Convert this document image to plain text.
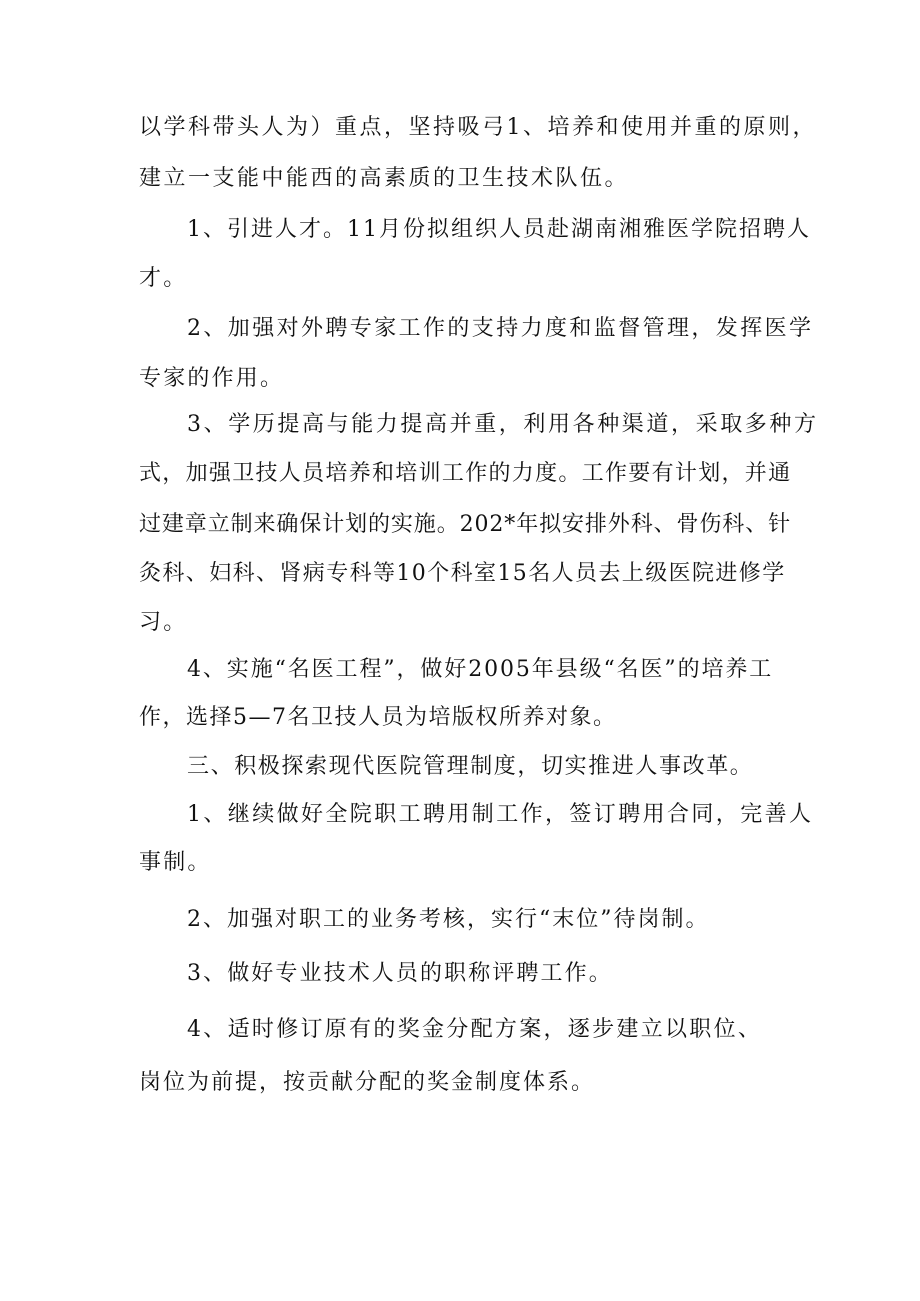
以学科带头人为）重点，坚持吸弓1、培养和使用并重的原则，
建立一支能中能西的高素质的卫生技术队伍。
1、引进人才。11月份拟组织人员赴湖南湘雅医学院招聘人
才。
2、加强对外聘专家工作的支持力度和监督管理，发挥医学
专家的作用。
3、学历提高与能力提高并重，利用各种渠道，采取多种方
式，加强卫技人员培养和培训工作的力度。工作要有计划，并通
过建章立制来确保计划的实施。202*年拟安排外科、骨伤科、针
灸科、妇科、肾病专科等10个科室15名人员去上级医院进修学
习。
4、实施“名医工程”，做好2005年县级“名医”的培养工
作，选择5—7名卫技人员为培版权所养对象。
三、积极探索现代医院管理制度，切实推进人事改革。
1、继续做好全院职工聘用制工作，签订聘用合同，完善人
事制。
2、加强对职工的业务考核，实行“末位”待岗制。
3、做好专业技术人员的职称评聘工作。
4、适时修订原有的奖金分配方案，逐步建立以职位、
岗位为前提，按贡献分配的奖金制度体系。
